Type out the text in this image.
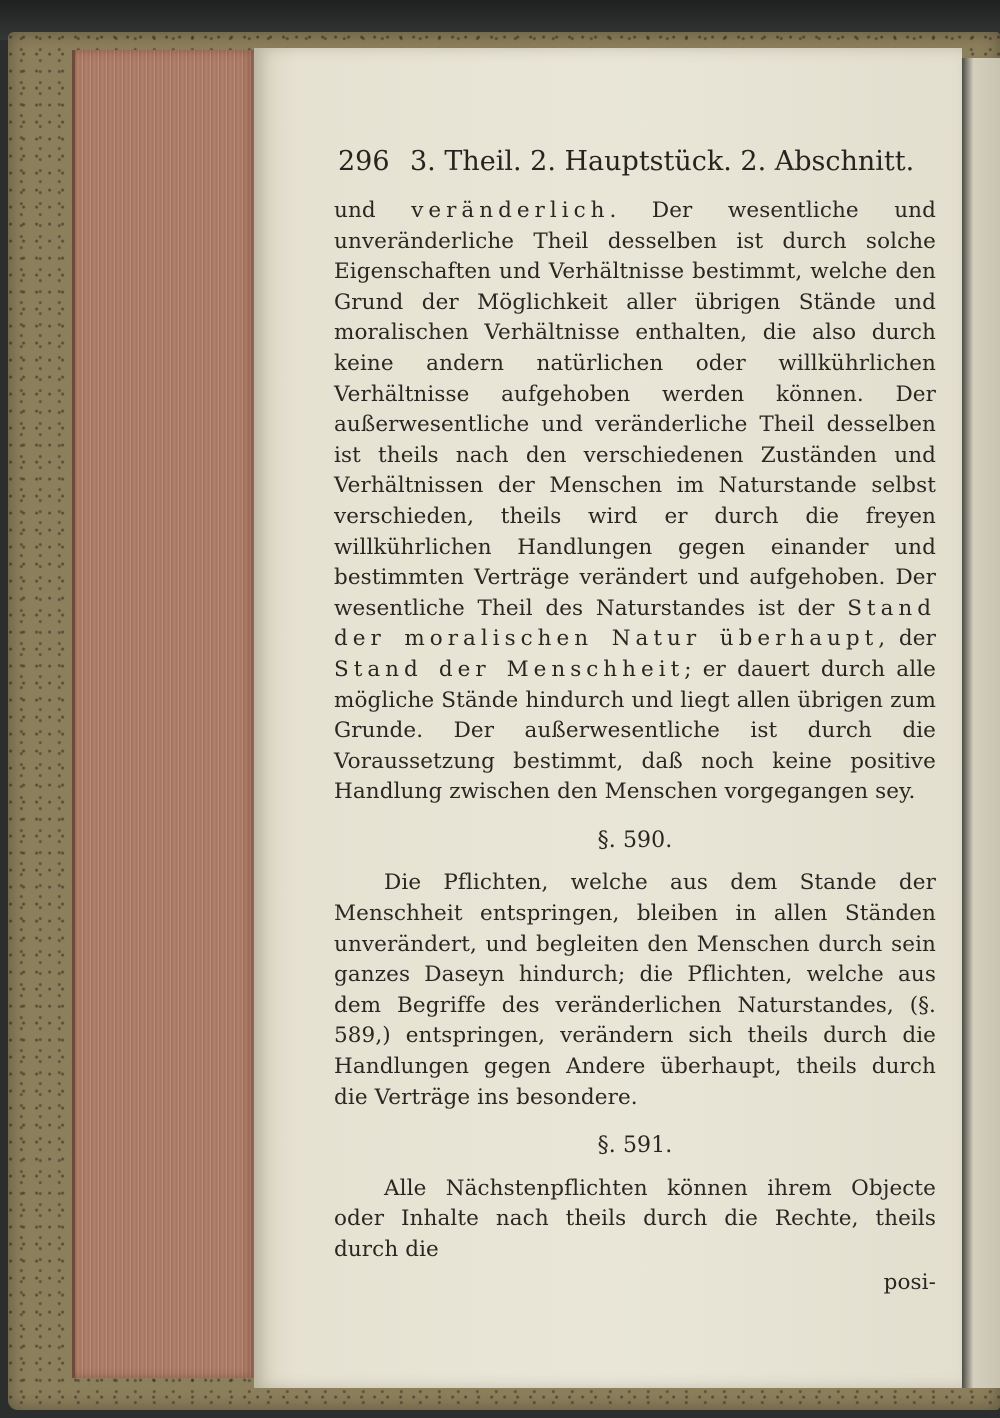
296 3. Theil. 2. Hauptstück. 2. Abschnitt.

und veränderlich. Der wesentliche und unveränderliche Theil desselben ist durch solche Eigenschaften und Verhältnisse bestimmt, welche den Grund der Möglichkeit aller übrigen Stände und moralischen Verhältnisse enthalten, die also durch keine andern natürlichen oder willkührlichen Verhältnisse aufgehoben werden können. Der außerwesentliche und veränderliche Theil desselben ist theils nach den verschiedenen Zuständen und Verhältnissen der Menschen im Naturstande selbst verschieden, theils wird er durch die freyen willkührlichen Handlungen gegen einander und bestimmten Verträge verändert und aufgehoben. Der wesentliche Theil des Naturstandes ist der Stand der moralischen Natur überhaupt, der Stand der Menschheit; er dauert durch alle mögliche Stände hindurch und liegt allen übrigen zum Grunde. Der außerwesentliche ist durch die Voraussetzung bestimmt, daß noch keine positive Handlung zwischen den Menschen vorgegangen sey.

§. 590.

Die Pflichten, welche aus dem Stande der Menschheit entspringen, bleiben in allen Ständen unverändert, und begleiten den Menschen durch sein ganzes Daseyn hindurch; die Pflichten, welche aus dem Begriffe des veränderlichen Naturstandes, (§. 589,) entspringen, verändern sich theils durch die Handlungen gegen Andere überhaupt, theils durch die Verträge ins besondere.

§. 591.

Alle Nächstenpflichten können ihrem Objecte oder Inhalte nach theils durch die Rechte, theils durch die

posi-
